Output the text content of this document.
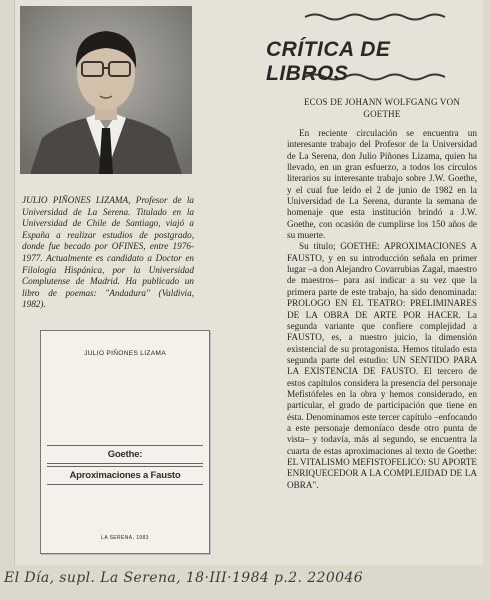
JULIO PIÑONES LIZAMA, Profesor de la Universidad de La Serena. Titulado en la Universidad de Chile de Santiago, viajó a España a realizar estudios de postgrado, donde fue becado por OFINES, entre 1976-1977. Actualmente es candidato a Doctor en Filología Hispánica, por la Universidad Complutense de Madrid. Ha publicado un libro de poemas: "Andadura" (Valdivia, 1982).
JULIO PIÑONES LIZAMA
Goethe:
Aproximaciones a Fausto
LA SERENA, 1983
CRÍTICA DE LIBROS
ECOS DE JOHANN WOLFGANG VON GOETHE

En reciente circulación se encuentra un interesante trabajo del Profesor de la Universidad de La Serena, don Julio Piñones Lizama, quien ha llevado, en un gran esfuerzo, a todos los círculos literarios su interesante trabajo sobre J.W. Goethe, y el cual fue leído el 2 de junio de 1982 en la Universidad de La Serena, durante la semana de homenaje que esta institución brindó a J.W. Goethe, con ocasión de cumplirse los 150 años de su muerte.

Su título; GOETHE: APROXIMACIONES A FAUSTO, y en su introducción señala en primer lugar –a don Alejandro Covarrubias Zagal, maestro de maestros– para así indicar a su vez que la primera parte de este trabajo, ha sido denominada: PROLOGO EN EL TEATRO: PRELIMINARES DE LA OBRA DE ARTE POR HACER. La segunda variante que confiere complejidad a FAUSTO, es, a nuestro juicio, la dimensión existencial de su protagonista. Hemos titulado esta segunda parte del estudio: UN SENTIDO PARA LA EXISTENCIA DE FAUSTO. El tercero de estos capítulos considera la presencia del personaje Mefistófeles en la obra y hemos considerado, en particular, el grado de participación que tiene en ésta. Denominamos este tercer capítulo –enfocando a este personaje demoníaco desde otro punta de vista– y todavía, más al segundo, se encuentra la cuarta de estas aproximaciones al texto de Goethe: EL VITALISMO MEFISTOFELICO: SU APORTE ENRIQUECEDOR A LA COMPLEJIDAD DE LA OBRA".

El Día, supl. La Serena, 18·III·1984 p.2. 220046
